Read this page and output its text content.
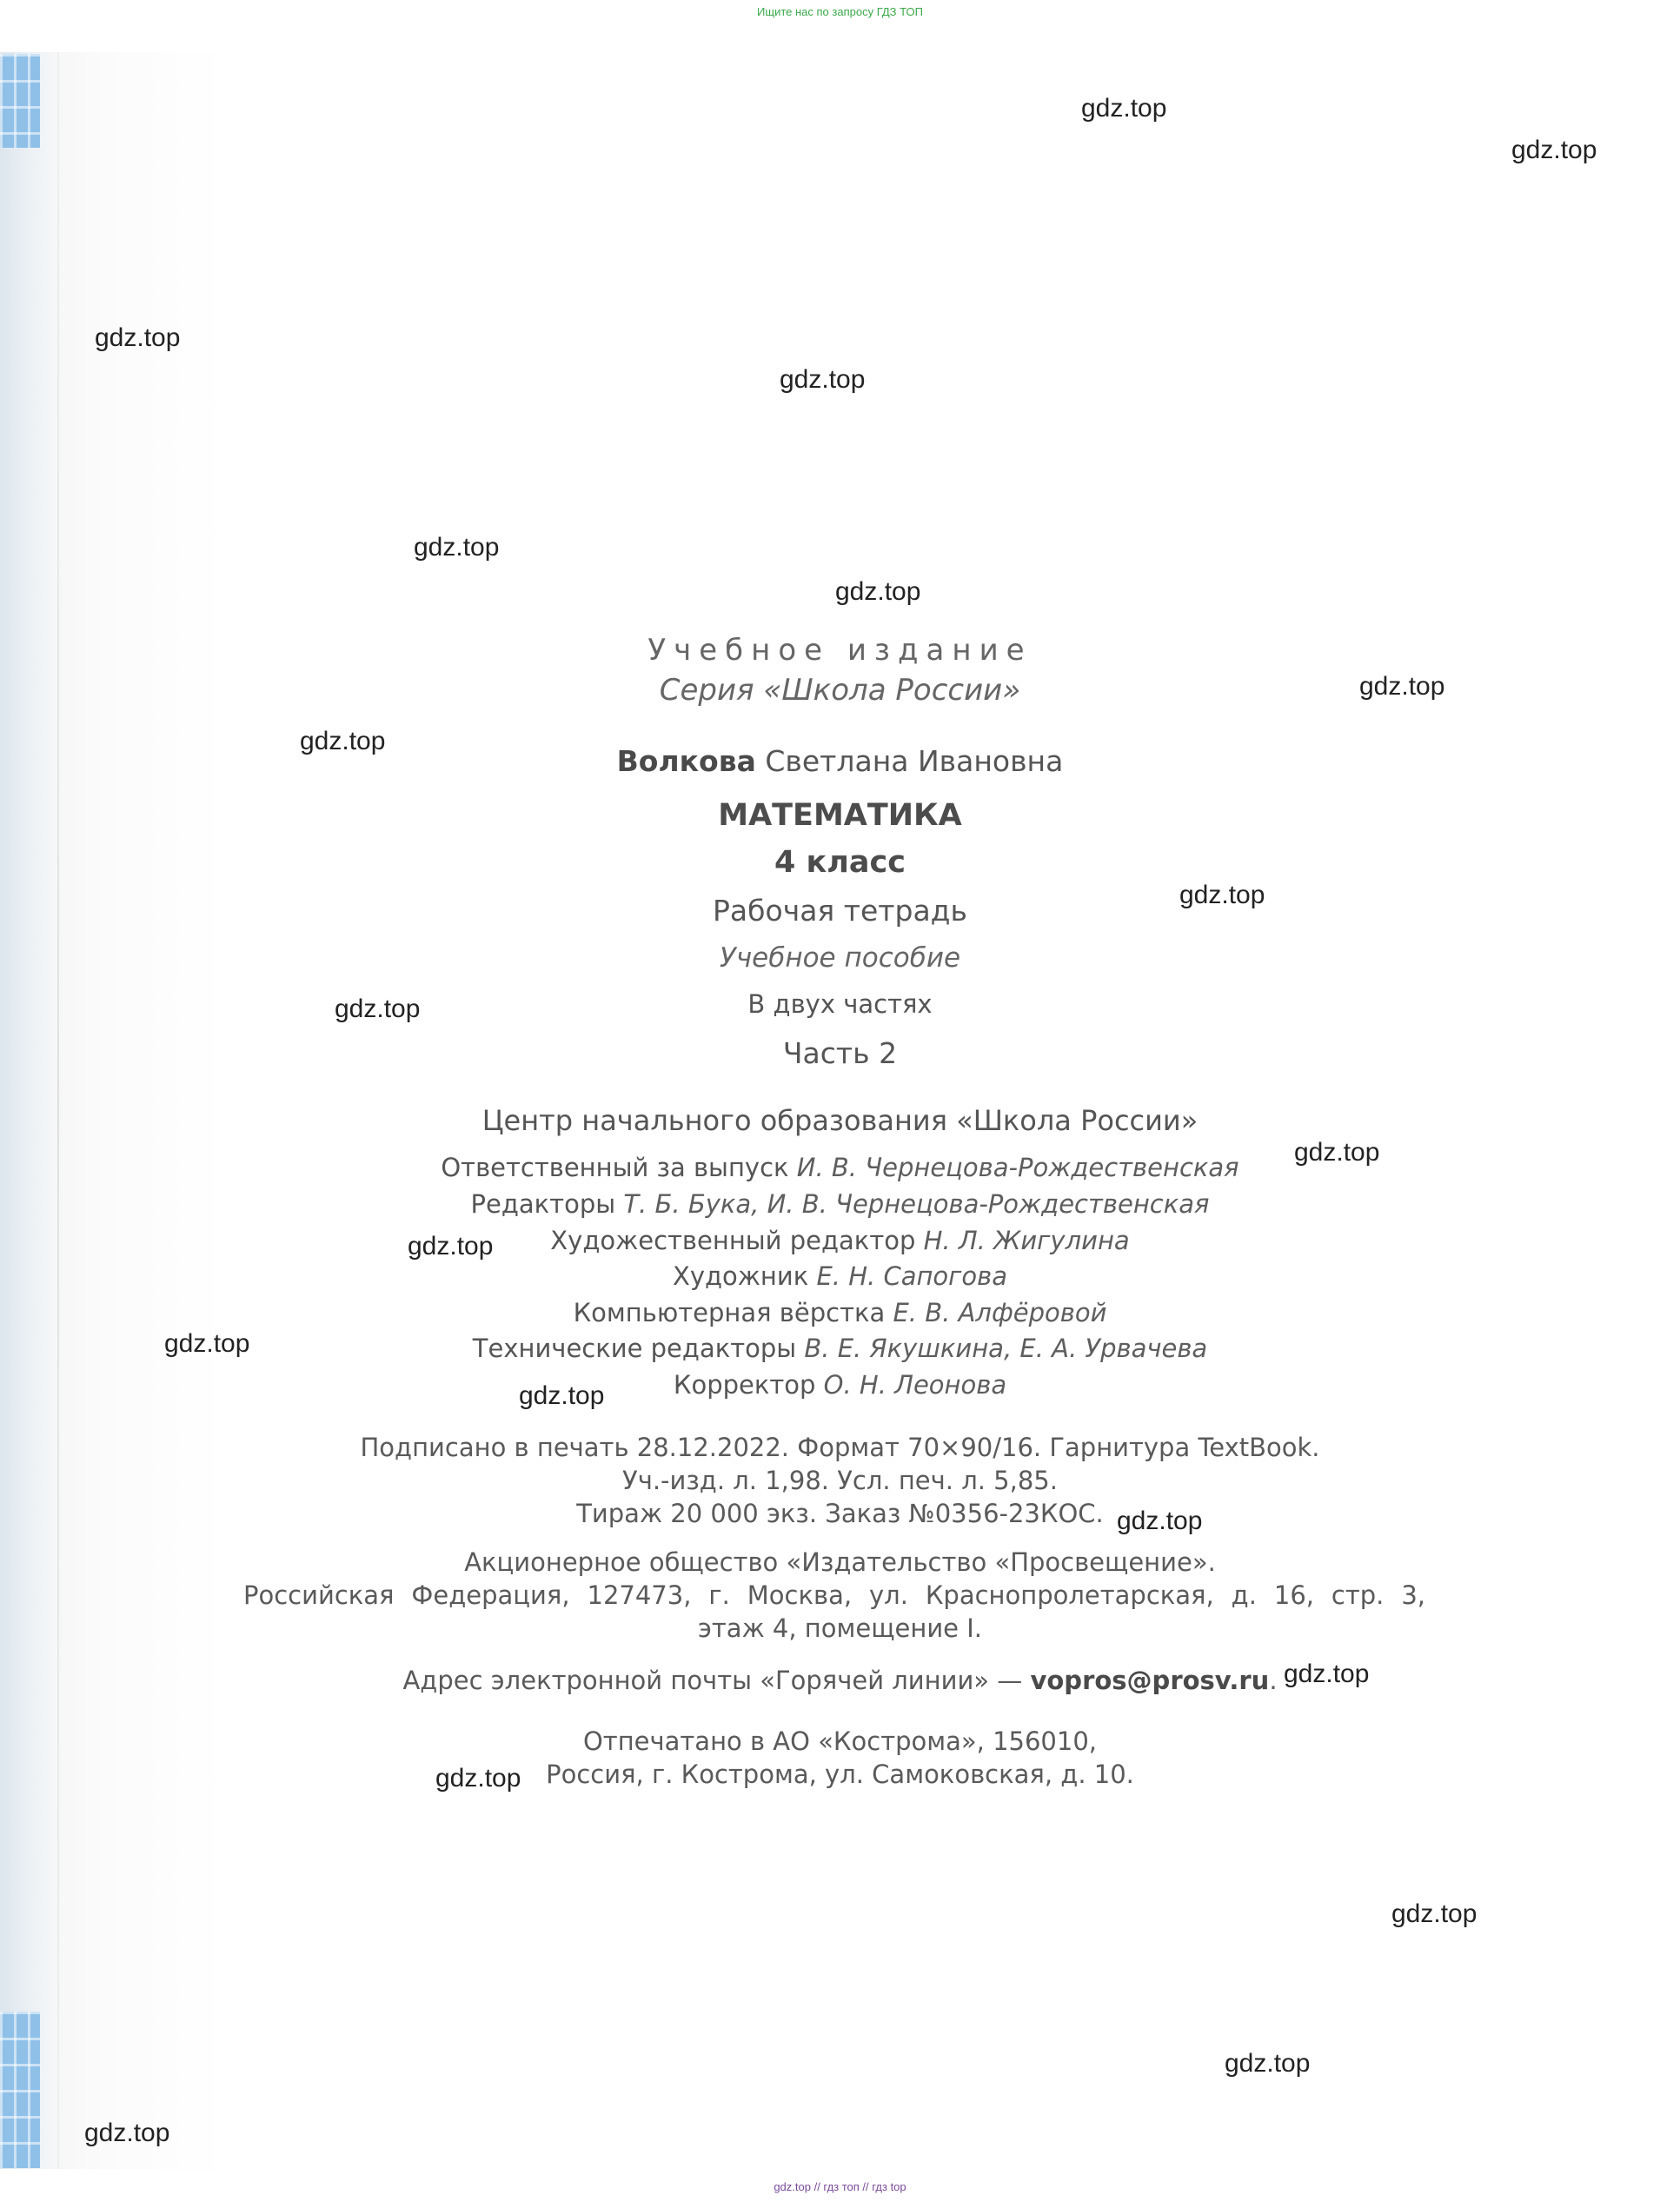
Ищите нас по запросу ГДЗ ТОП
gdz.top
gdz.top
gdz.top
gdz.top
gdz.top
gdz.top
gdz.top
gdz.top
gdz.top
gdz.top
gdz.top
gdz.top
gdz.top
gdz.top
gdz.top
gdz.top
gdz.top
gdz.top
gdz.top
gdz.top
Учебное издание
Серия «Школа России»
Волкова Светлана Ивановна
МАТЕМАТИКА
4 класс
Рабочая тетрадь
Учебное пособие
В двух частях
Часть 2
Центр начального образования «Школа России»
Ответственный за выпуск И. В. Чернецова-Рождественская
Редакторы Т. Б. Бука, И. В. Чернецова-Рождественская
Художественный редактор Н. Л. Жигулина
Художник Е. Н. Сапогова
Компьютерная вёрстка Е. В. Алфёровой
Технические редакторы В. Е. Якушкина, Е. А. Урвачева
Корректор О. Н. Леонова
Подписано в печать 28.12.2022. Формат 70×90/16. Гарнитура TextBook.
Уч.-изд. л. 1,98. Усл. печ. л. 5,85.
Тираж 20 000 экз. Заказ №0356-23КОС.
Акционерное общество «Издательство «Просвещение».
Российская Федерация, 127473, г. Москва, ул. Краснопролетарская, д. 16, стр. 3,
этаж 4, помещение I.
Адрес электронной почты «Горячей линии» — vopros@prosv.ru.
Отпечатано в АО «Кострома», 156010,
Россия, г. Кострома, ул. Самоковская, д. 10.
gdz.top // гдз топ // гдз top
